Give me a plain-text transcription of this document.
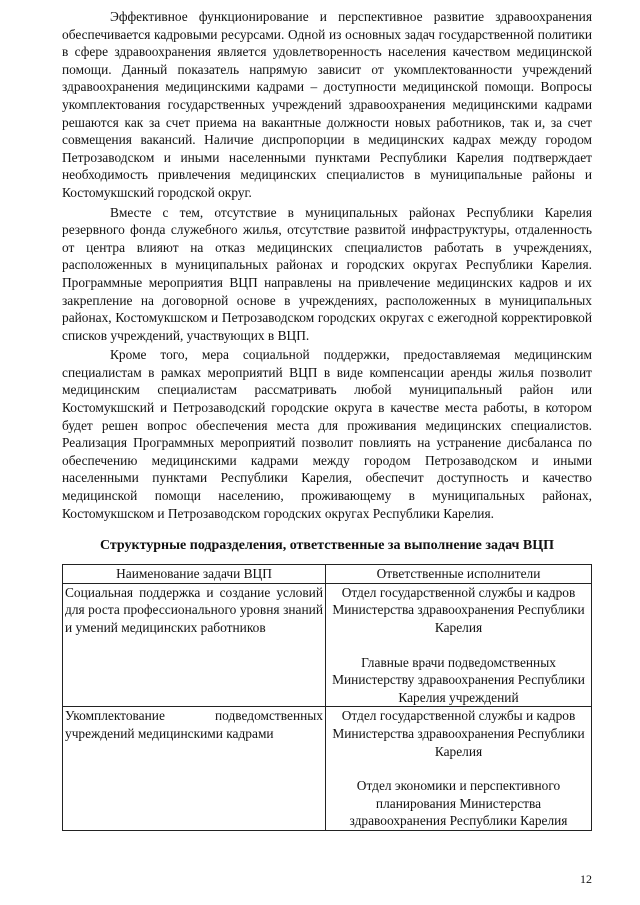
Эффективное функционирование и перспективное развитие здравоохранения обеспечивается кадровыми ресурсами. Одной из основных задач государственной политики в сфере здравоохранения является удовлетворенность населения качеством медицинской помощи. Данный показатель напрямую зависит от укомплектованности учреждений здравоохранения медицинскими кадрами – доступности медицинской помощи. Вопросы укомплектования государственных учреждений здравоохранения медицинскими кадрами решаются как за счет приема на вакантные должности новых работников, так и, за счет совмещения вакансий. Наличие диспропорции в медицинских кадрах между городом Петрозаводском и иными населенными пунктами Республики Карелия подтверждает необходимость привлечения медицинских специалистов в муниципальные районы и Костомукшский городской округ.

Вместе с тем, отсутствие в муниципальных районах Республики Карелия резервного фонда служебного жилья, отсутствие развитой инфраструктуры, отдаленность от центра влияют на отказ медицинских специалистов работать в учреждениях, расположенных в муниципальных районах и городских округах Республики Карелия. Программные мероприятия ВЦП направлены на привлечение медицинских кадров и их закрепление на договорной основе в учреждениях, расположенных в муниципальных районах, Костомукшском и Петрозаводском городских округах с ежегодной корректировкой списков учреждений, участвующих в ВЦП.

Кроме того, мера социальной поддержки, предоставляемая медицинским специалистам в рамках мероприятий ВЦП в виде компенсации аренды жилья позволит медицинским специалистам рассматривать любой муниципальный район или Костомукшский и Петрозаводский городские округа в качестве места работы, в котором будет решен вопрос обеспечения места для проживания медицинских специалистов. Реализация Программных мероприятий позволит повлиять на устранение дисбаланса по обеспечению медицинскими кадрами между городом Петрозаводском и иными населенными пунктами Республики Карелия, обеспечит доступность и качество медицинской помощи населению, проживающему в муниципальных районах, Костомукшском и Петрозаводском городских округах Республики Карелия.

Структурные подразделения, ответственные за выполнение задач ВЦП
Наименование задачи ВЦП	Ответственные исполнители
Социальная поддержка и создание условий для роста профессионального уровня знаний и умений медицинских работников	Отдел государственной службы и кадров Министерства здравоохранения Республики Карелия
Главные врачи подведомственных Министерству здравоохранения Республики Карелия учреждений

Укомплектование подведомственных учреждений медицинскими кадрами	Отдел государственной службы и кадров Министерства здравоохранения Республики Карелия
Отдел экономики и перспективного планирования Министерства здравоохранения Республики Карелия
12
